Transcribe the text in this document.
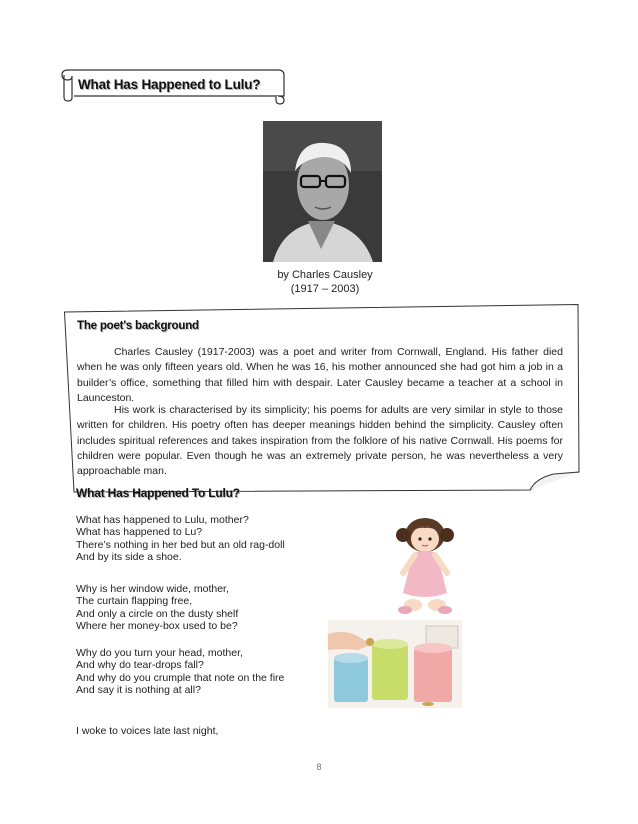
What Has Happened to Lulu?
by Charles Causley
(1917 – 2003)
The poet's background

Charles Causley (1917-2003) was a poet and writer from Cornwall, England. His father died when he was only fifteen years old. When he was 16, his mother announced she had got him a job in a builder’s office, something that filled him with despair. Later Causley became a teacher at a school in Launceston.

His work is characterised by its simplicity; his poems for adults are very similar in style to those written for children. His poetry often has deeper meanings hidden behind the simplicity. Causley often includes spiritual references and takes inspiration from the folklore of his native Cornwall. His poems for children were popular. Even though he was an extremely private person, he was nevertheless a very approachable man.

What Has Happened To Lulu?
What has happened to Lulu, mother?
What has happened to Lu?
There’s nothing in her bed but an old rag-doll
And by its side a shoe.
Why is her window wide, mother,
The curtain flapping free,
And only a circle on the dusty shelf
Where her money-box used to be?
Why do you turn your head, mother,
And why do tear-drops fall?
And why do you crumple that note on the fire
And say it is nothing at all?
I woke to voices late last night,
8
